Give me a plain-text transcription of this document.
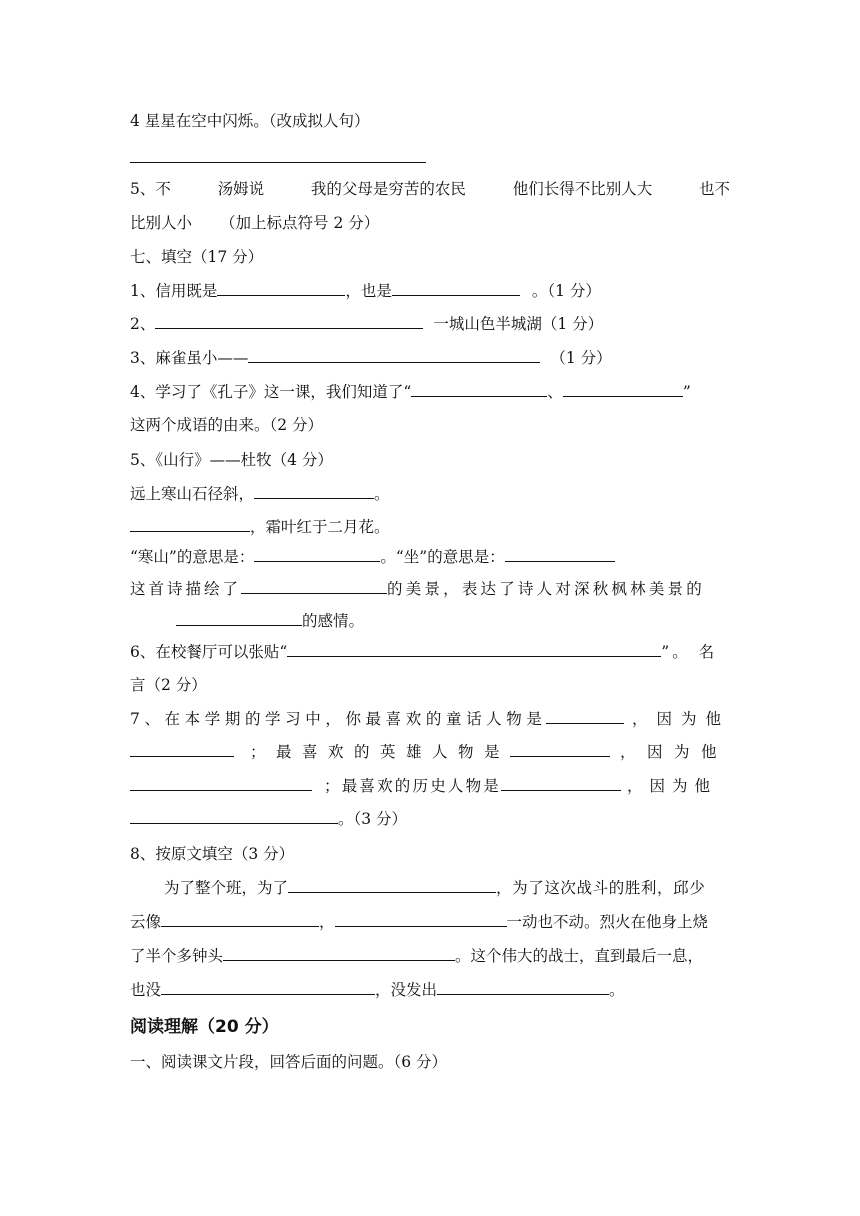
4 星星在空中闪烁。（改成拟人句）
5、不	汤姆说	我的父母是穷苦的农民	他们长得不比别人大	也不
比别人小 （加上标点符号 2 分）
七、填空（17 分）
1、信用既是	，也是	。（1 分）
2、	一城山色半城湖（1 分）
3、麻雀虽小——	（1 分）
4、学习了《孔子》这一课，我们知道了“	、	”
这两个成语的由来。（2 分）
5、《山行》——杜牧（4 分）
远上寒山石径斜，	。
，霜叶红于二月花。
“寒山”的意思是：	。“坐”的意思是：
这首诗描绘了	的美景，表达了诗人对深秋枫林美景的
的感情。
6、在校餐厅可以张贴“	”。 名
言（2 分）
7、在本学期的学习中，你最喜欢的童话人物是	，因为他
；最喜欢的英雄人物是	，因为他
；最喜欢的历史人物是	，因为他
。（3 分）
8、按原文填空（3 分）
为了整个班，为了	，为了这次战斗的胜利，邱少
云像	，	一动也不动。烈火在他身上烧
了半个多钟头	。这个伟大的战士，直到最后一息，
也没	，没发出	。
阅读理解（20 分）
一、阅读课文片段，回答后面的问题。（6 分）
